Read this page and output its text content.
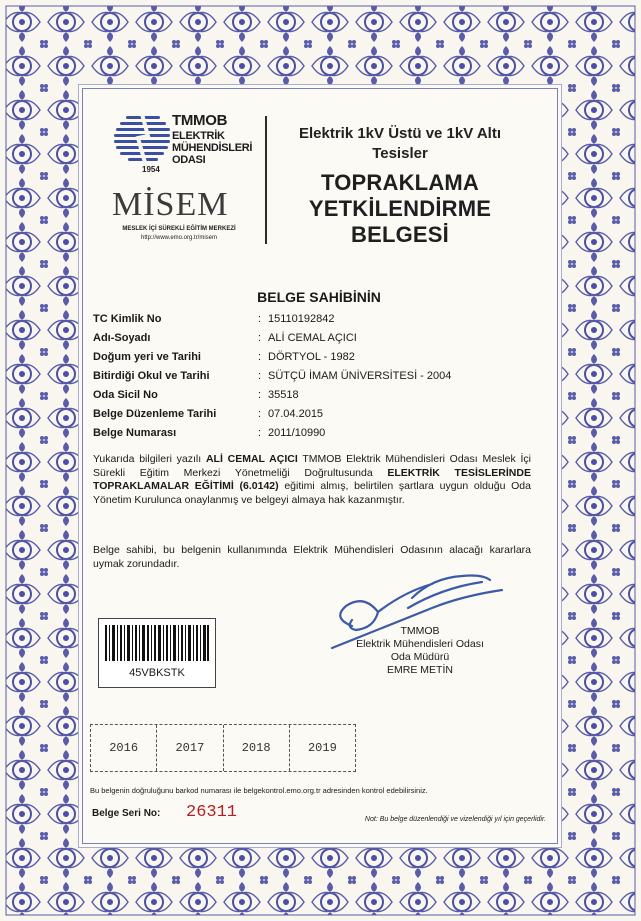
TMMOB
ELEKTRİK
MÜHENDİSLERİ
ODASI
1954
MİSEM
MESLEK İÇİ SÜREKLİ EĞİTİM MERKEZİ
http://www.emo.org.tr/misem
Elektrik 1kV Üstü ve 1kV Altı Tesisler
TOPRAKLAMA
YETKİLENDİRME
BELGESİ
BELGE SAHİBİNİN
TC Kimlik No	: 15110192842
Adı-Soyadı	: ALİ CEMAL AÇICI
Doğum yeri ve Tarihi	: DÖRTYOL - 1982
Bitirdiği Okul ve Tarihi	: SÜTÇÜ İMAM ÜNİVERSİTESİ - 2004
Oda Sicil No	: 35518
Belge Düzenleme Tarihi	: 07.04.2015
Belge Numarası	: 2011/10990
Yukarıda bilgileri yazılı ALİ CEMAL AÇICI TMMOB Elektrik Mühendisleri Odası Meslek İçi Sürekli Eğitim Merkezi Yönetmeliği Doğrultusunda ELEKTRİK TESİSLERİNDE TOPRAKLAMALAR EĞİTİMİ (6.0142) eğitimi almış, belirtilen şartlara uygun olduğu Oda Yönetim Kurulunca onaylanmış ve belgeyi almaya hak kazanmıştır.
Belge sahibi, bu belgenin kullanımında Elektrik Mühendisleri Odasının alacağı kararlara uymak zorundadır.
TMMOB
Elektrik Mühendisleri Odası
Oda Müdürü
EMRE METİN
45VBKSTK
2016	2017	2018	2019
Bu belgenin doğruluğunu barkod numarası ile belgekontrol.emo.org.tr adresinden kontrol edebilirsiniz.
Belge Seri No: 26311	Not: Bu belge düzenlendiği ve vizelendiği yıl için geçerlidir.
